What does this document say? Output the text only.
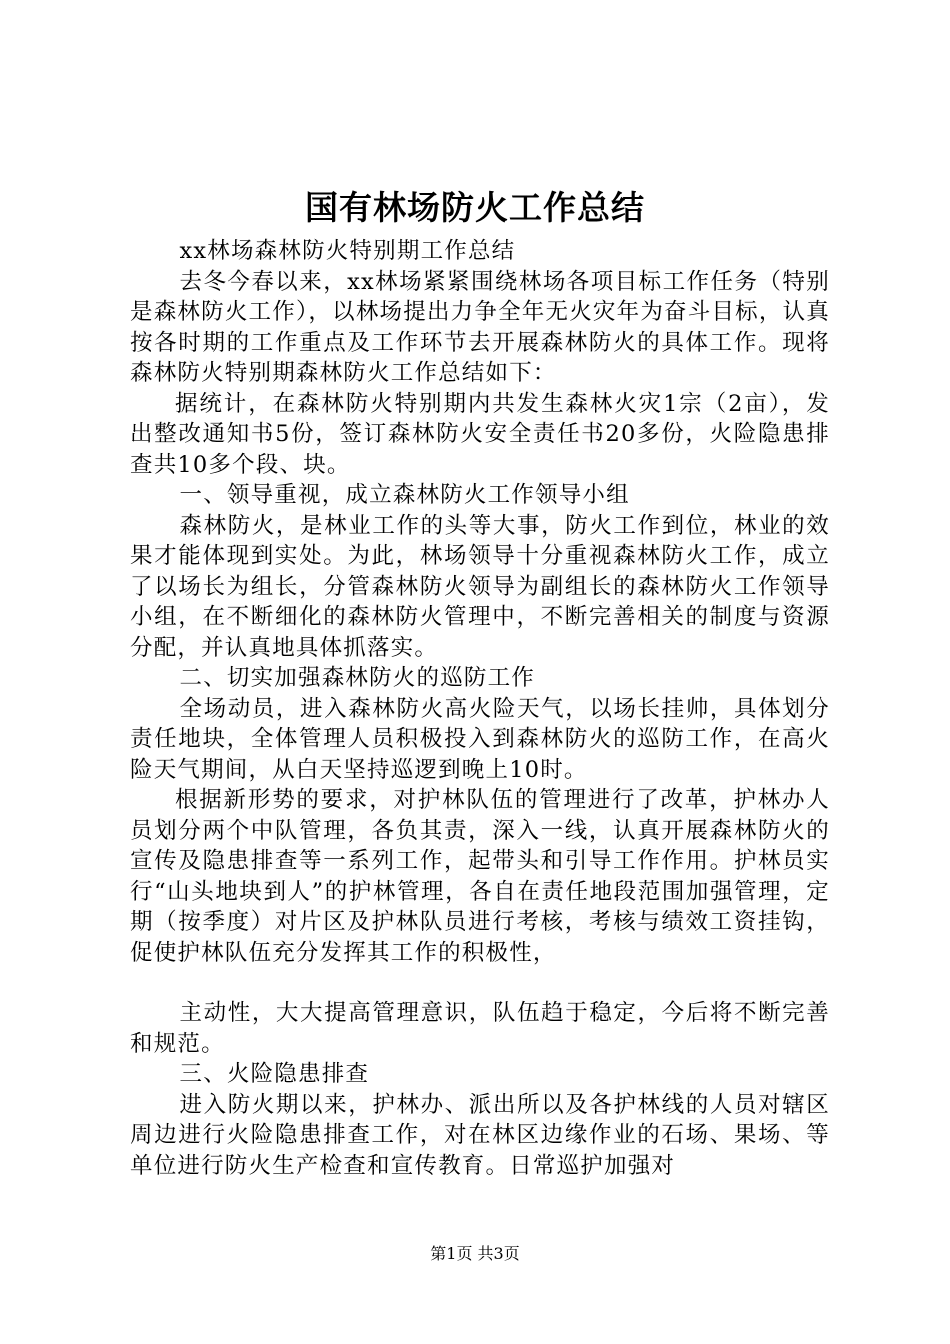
国有林场防火工作总结

xx林场森林防火特别期工作总结

去冬今春以来，xx林场紧紧围绕林场各项目标工作任务（特别是森林防火工作），以林场提出力争全年无火灾年为奋斗目标，认真按各时期的工作重点及工作环节去开展森林防火的具体工作。现将森林防火特别期森林防火工作总结如下：

据统计，在森林防火特别期内共发生森林火灾1宗（2亩），发出整改通知书5份，签订森林防火安全责任书20多份，火险隐患排查共10多个段、块。

一、领导重视，成立森林防火工作领导小组

森林防火，是林业工作的头等大事，防火工作到位，林业的效果才能体现到实处。为此，林场领导十分重视森林防火工作，成立了以场长为组长，分管森林防火领导为副组长的森林防火工作领导小组，在不断细化的森林防火管理中，不断完善相关的制度与资源分配，并认真地具体抓落实。

二、切实加强森林防火的巡防工作

全场动员，进入森林防火高火险天气，以场长挂帅，具体划分责任地块，全体管理人员积极投入到森林防火的巡防工作，在高火险天气期间，从白天坚持巡逻到晚上10时。

根据新形势的要求，对护林队伍的管理进行了改革，护林办人员划分两个中队管理，各负其责，深入一线，认真开展森林防火的宣传及隐患排查等一系列工作，起带头和引导工作作用。护林员实行“山头地块到人”的护林管理，各自在责任地段范围加强管理，定期（按季度）对片区及护林队员进行考核，考核与绩效工资挂钩，促使护林队伍充分发挥其工作的积极性，

主动性，大大提高管理意识，队伍趋于稳定，今后将不断完善和规范。

三、火险隐患排查

进入防火期以来，护林办、派出所以及各护林线的人员对辖区周边进行火险隐患排查工作，对在林区边缘作业的石场、果场、等单位进行防火生产检查和宣传教育。日常巡护加强对

第1页 共3页
